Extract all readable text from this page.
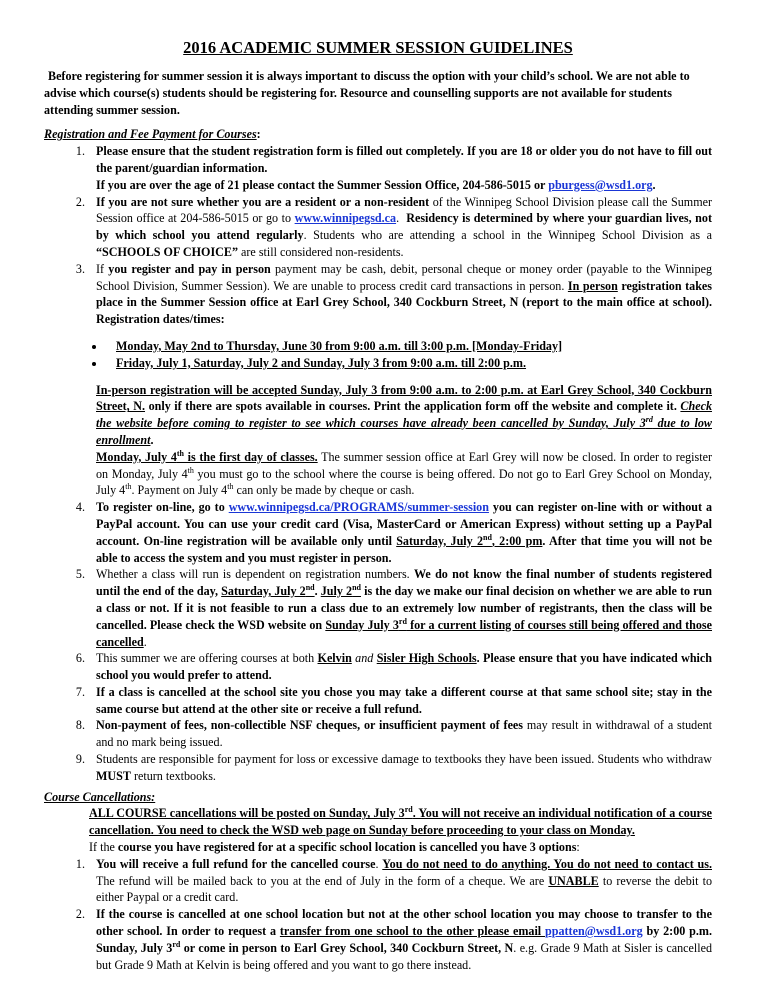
2016 ACADEMIC SUMMER SESSION GUIDELINES

Before registering for summer session it is always important to discuss the option with your child’s school. We are not able to advise which course(s) students should be registering for. Resource and counselling supports are not available for students attending summer session.

Registration and Fee Payment for Courses:

1. Please ensure that the student registration form is filled out completely. If you are 18 or older you do not have to fill out the parent/guardian information.
If you are over the age of 21 please contact the Summer Session Office, 204-586-5015 or pburgess@wsd1.org.
2. If you are not sure whether you are a resident or a non-resident of the Winnipeg School Division please call the Summer Session office at 204-586-5015 or go to www.winnipegsd.ca.  Residency is determined by where your guardian lives, not by which school you attend regularly. Students who are attending a school in the Winnipeg School Division as a “SCHOOLS OF CHOICE” are still considered non-residents.
3. If you register and pay in person payment may be cash, debit, personal cheque or money order (payable to the Winnipeg School Division, Summer Session). We are unable to process credit card transactions in person. In person registration takes place in the Summer Session office at Earl Grey School, 340 Cockburn Street, N (report to the main office at school). Registration dates/times:
• Monday, May 2nd to Thursday, June 30 from 9:00 a.m. till 3:00 p.m. [Monday-Friday]
• Friday, July 1, Saturday, July 2 and Sunday, July 3 from 9:00 a.m. till 2:00 p.m.

In-person registration will be accepted Sunday, July 3 from 9:00 a.m. to 2:00 p.m. at Earl Grey School, 340 Cockburn Street, N. only if there are spots available in courses. Print the application form off the website and complete it. Check the website before coming to register to see which courses have already been cancelled by Sunday, July 3rd due to low enrollment.
Monday, July 4th is the first day of classes. The summer session office at Earl Grey will now be closed. In order to register on Monday, July 4th you must go to the school where the course is being offered. Do not go to Earl Grey School on Monday, July 4th. Payment on July 4th can only be made by cheque or cash.

4. To register on-line, go to www.winnipegsd.ca/PROGRAMS/summer-session you can register on-line with or without a PayPal account. You can use your credit card (Visa, MasterCard or American Express) without setting up a PayPal account. On-line registration will be available only until Saturday, July 2nd, 2:00 pm. After that time you will not be able to access the system and you must register in person.
5. Whether a class will run is dependent on registration numbers. We do not know the final number of students registered until the end of the day, Saturday, July 2nd. July 2nd is the day we make our final decision on whether we are able to run a class or not. If it is not feasible to run a class due to an extremely low number of registrants, then the class will be cancelled. Please check the WSD website on Sunday July 3rd for a current listing of courses still being offered and those cancelled.
6. This summer we are offering courses at both Kelvin and Sisler High Schools. Please ensure that you have indicated which school you would prefer to attend.
7. If a class is cancelled at the school site you chose you may take a different course at that same school site; stay in the same course but attend at the other site or receive a full refund.
8. Non-payment of fees, non-collectible NSF cheques, or insufficient payment of fees may result in withdrawal of a student and no mark being issued.
9. Students are responsible for payment for loss or excessive damage to textbooks they have been issued. Students who withdraw MUST return textbooks.

Course Cancellations:

ALL COURSE cancellations will be posted on Sunday, July 3rd. You will not receive an individual notification of a course cancellation. You need to check the WSD web page on Sunday before proceeding to your class on Monday.

If the course you have registered for at a specific school location is cancelled you have 3 options:

1. You will receive a full refund for the cancelled course. You do not need to do anything. You do not need to contact us. The refund will be mailed back to you at the end of July in the form of a cheque. We are UNABLE to reverse the debit to either Paypal or a credit card.
2. If the course is cancelled at one school location but not at the other school location you may choose to transfer to the other school. In order to request a transfer from one school to the other please email ppatten@wsd1.org by 2:00 p.m. Sunday, July 3rd or come in person to Earl Grey School, 340 Cockburn Street, N. e.g. Grade 9 Math at Sisler is cancelled but Grade 9 Math at Kelvin is being offered and you want to go there instead.
